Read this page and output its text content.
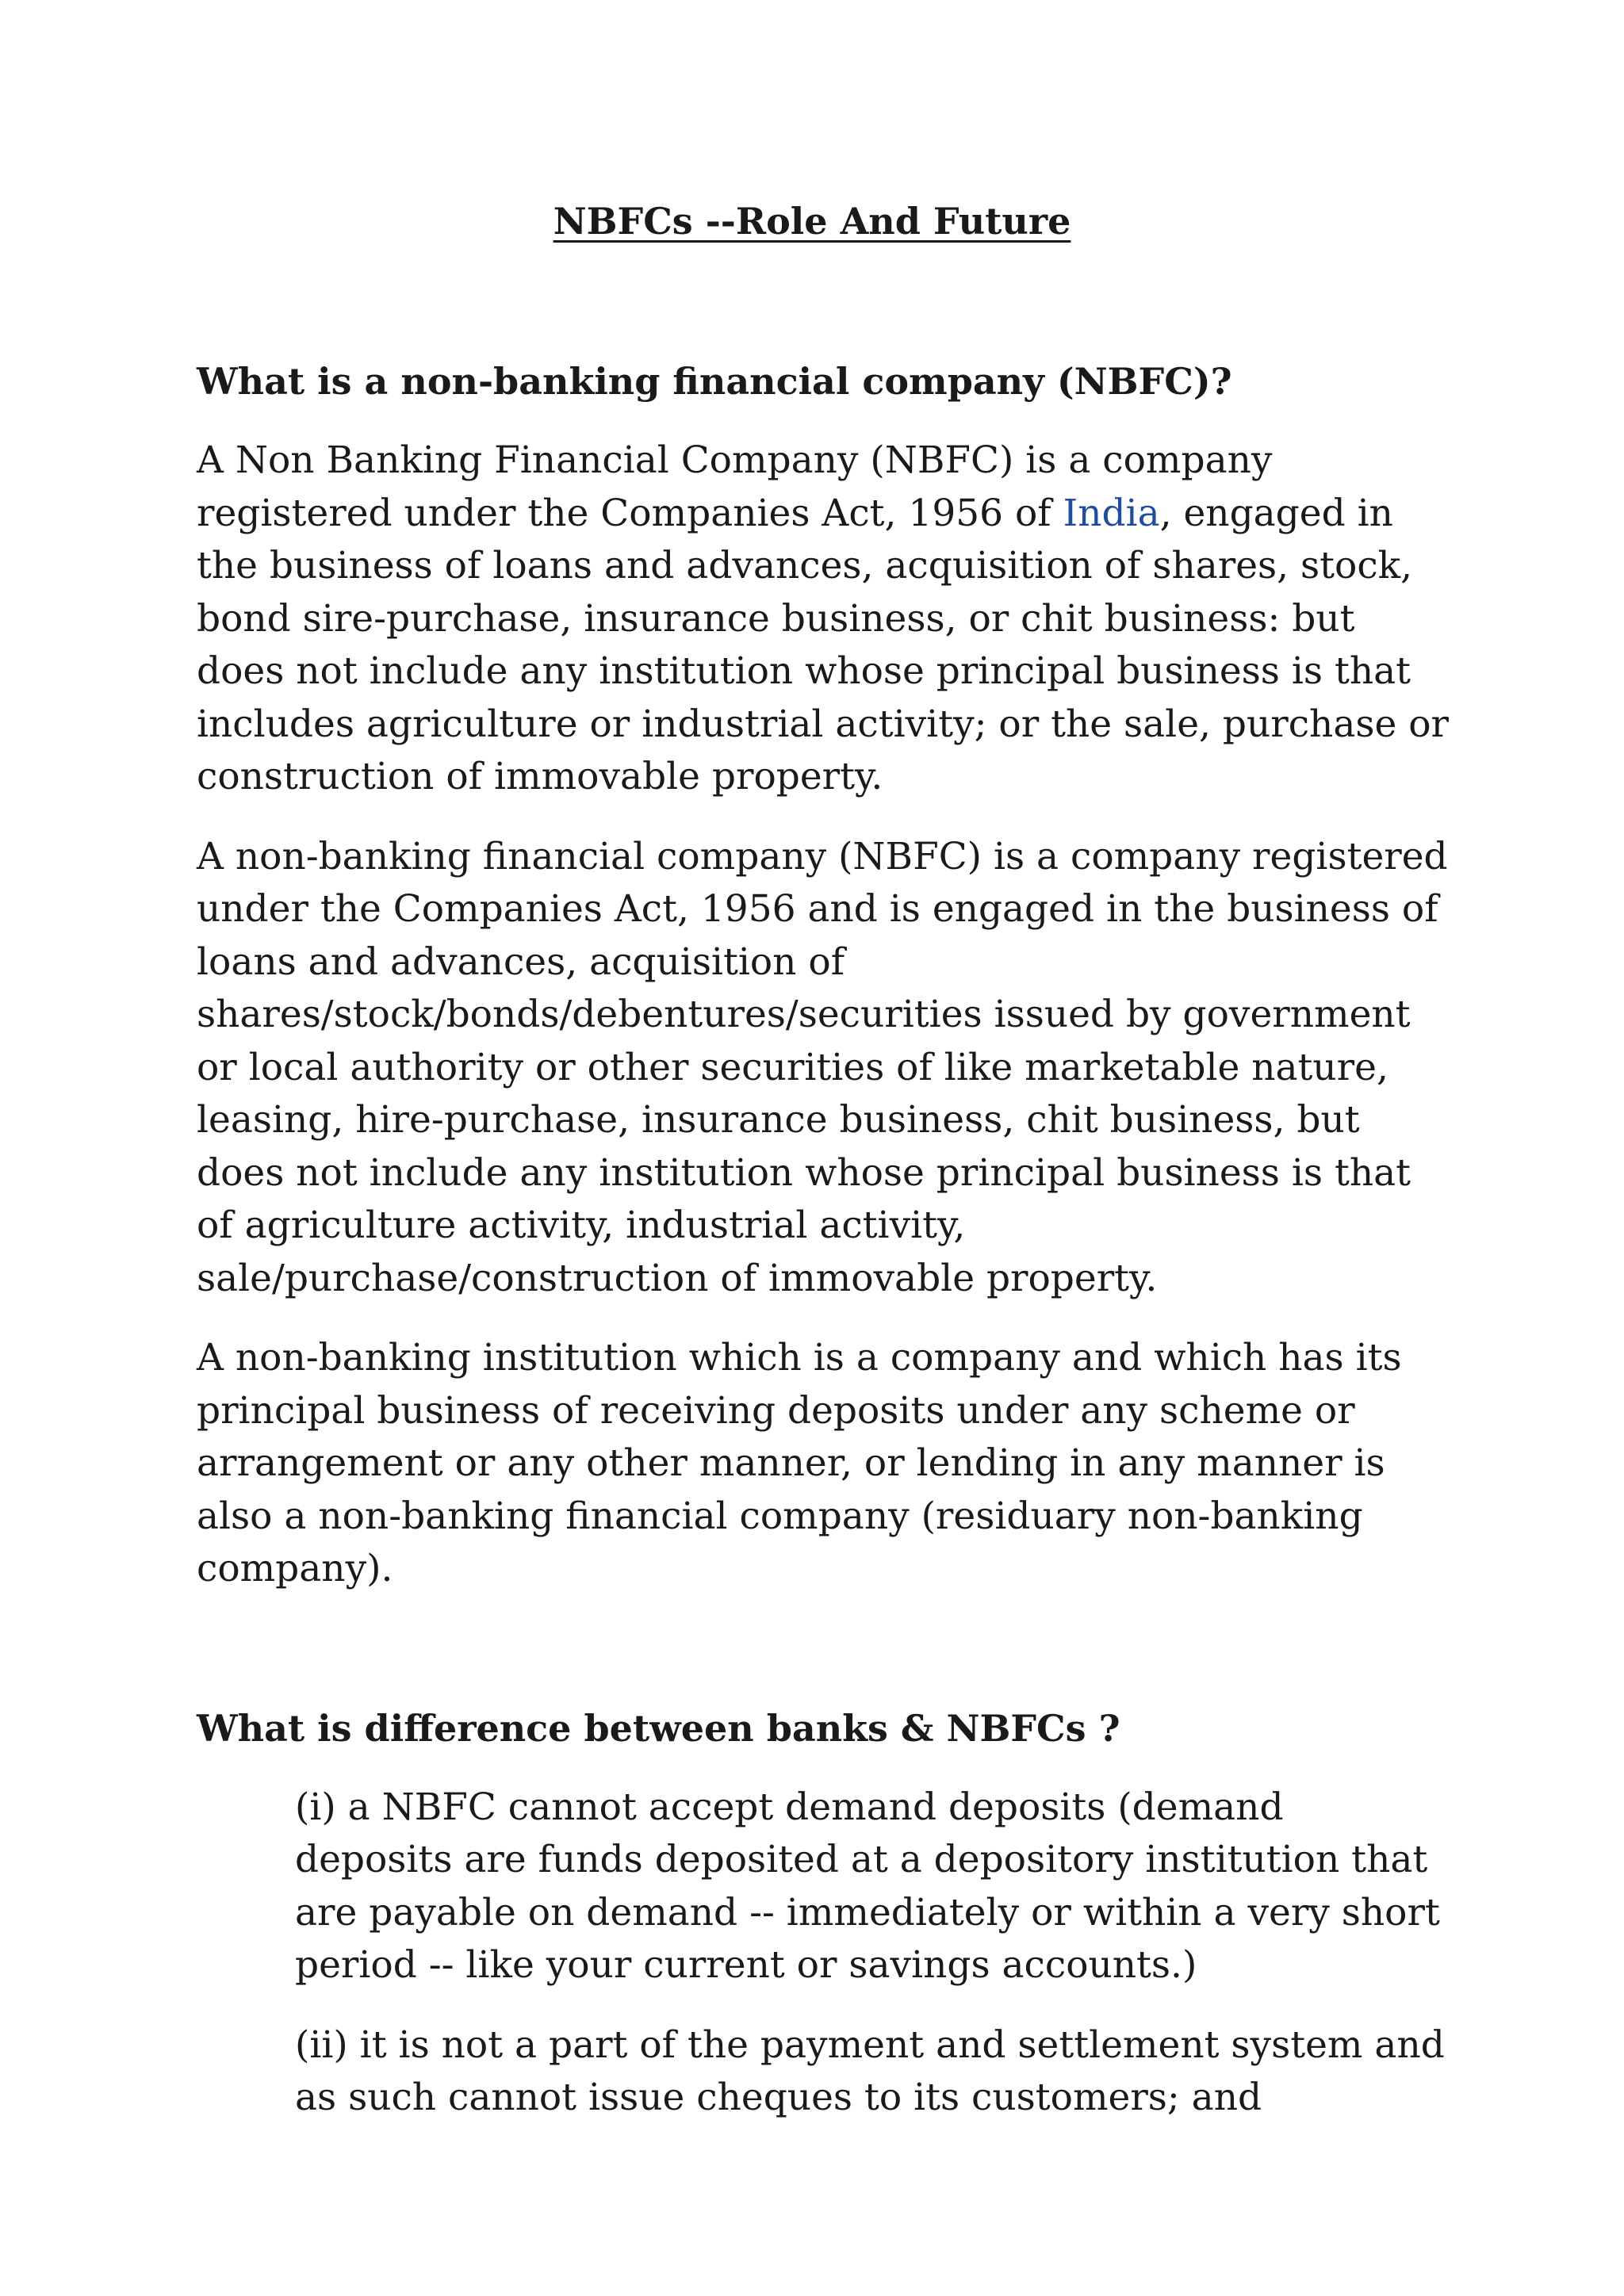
NBFCs --Role And Future
What is a non-banking financial company (NBFC)?

A Non Banking Financial Company (NBFC) is a company registered under the Companies Act, 1956 of India, engaged in the business of loans and advances, acquisition of shares, stock, bond sire-purchase, insurance business, or chit business: but does not include any institution whose principal business is that includes agriculture or industrial activity; or the sale, purchase or construction of immovable property.

A non-banking financial company (NBFC) is a company registered under the Companies Act, 1956 and is engaged in the business of loans and advances, acquisition of shares/stock/bonds/debentures/securities issued by government or local authority or other securities of like marketable nature, leasing, hire-purchase, insurance business, chit business, but does not include any institution whose principal business is that of agriculture activity, industrial activity, sale/purchase/construction of immovable property.

A non-banking institution which is a company and which has its principal business of receiving deposits under any scheme or arrangement or any other manner, or lending in any manner is also a non-banking financial company (residuary non-banking company).

What is difference between banks & NBFCs ?

(i) a NBFC cannot accept demand deposits (demand deposits are funds deposited at a depository institution that are payable on demand -- immediately or within a very short period -- like your current or savings accounts.)

(ii) it is not a part of the payment and settlement system and as such cannot issue cheques to its customers; and
